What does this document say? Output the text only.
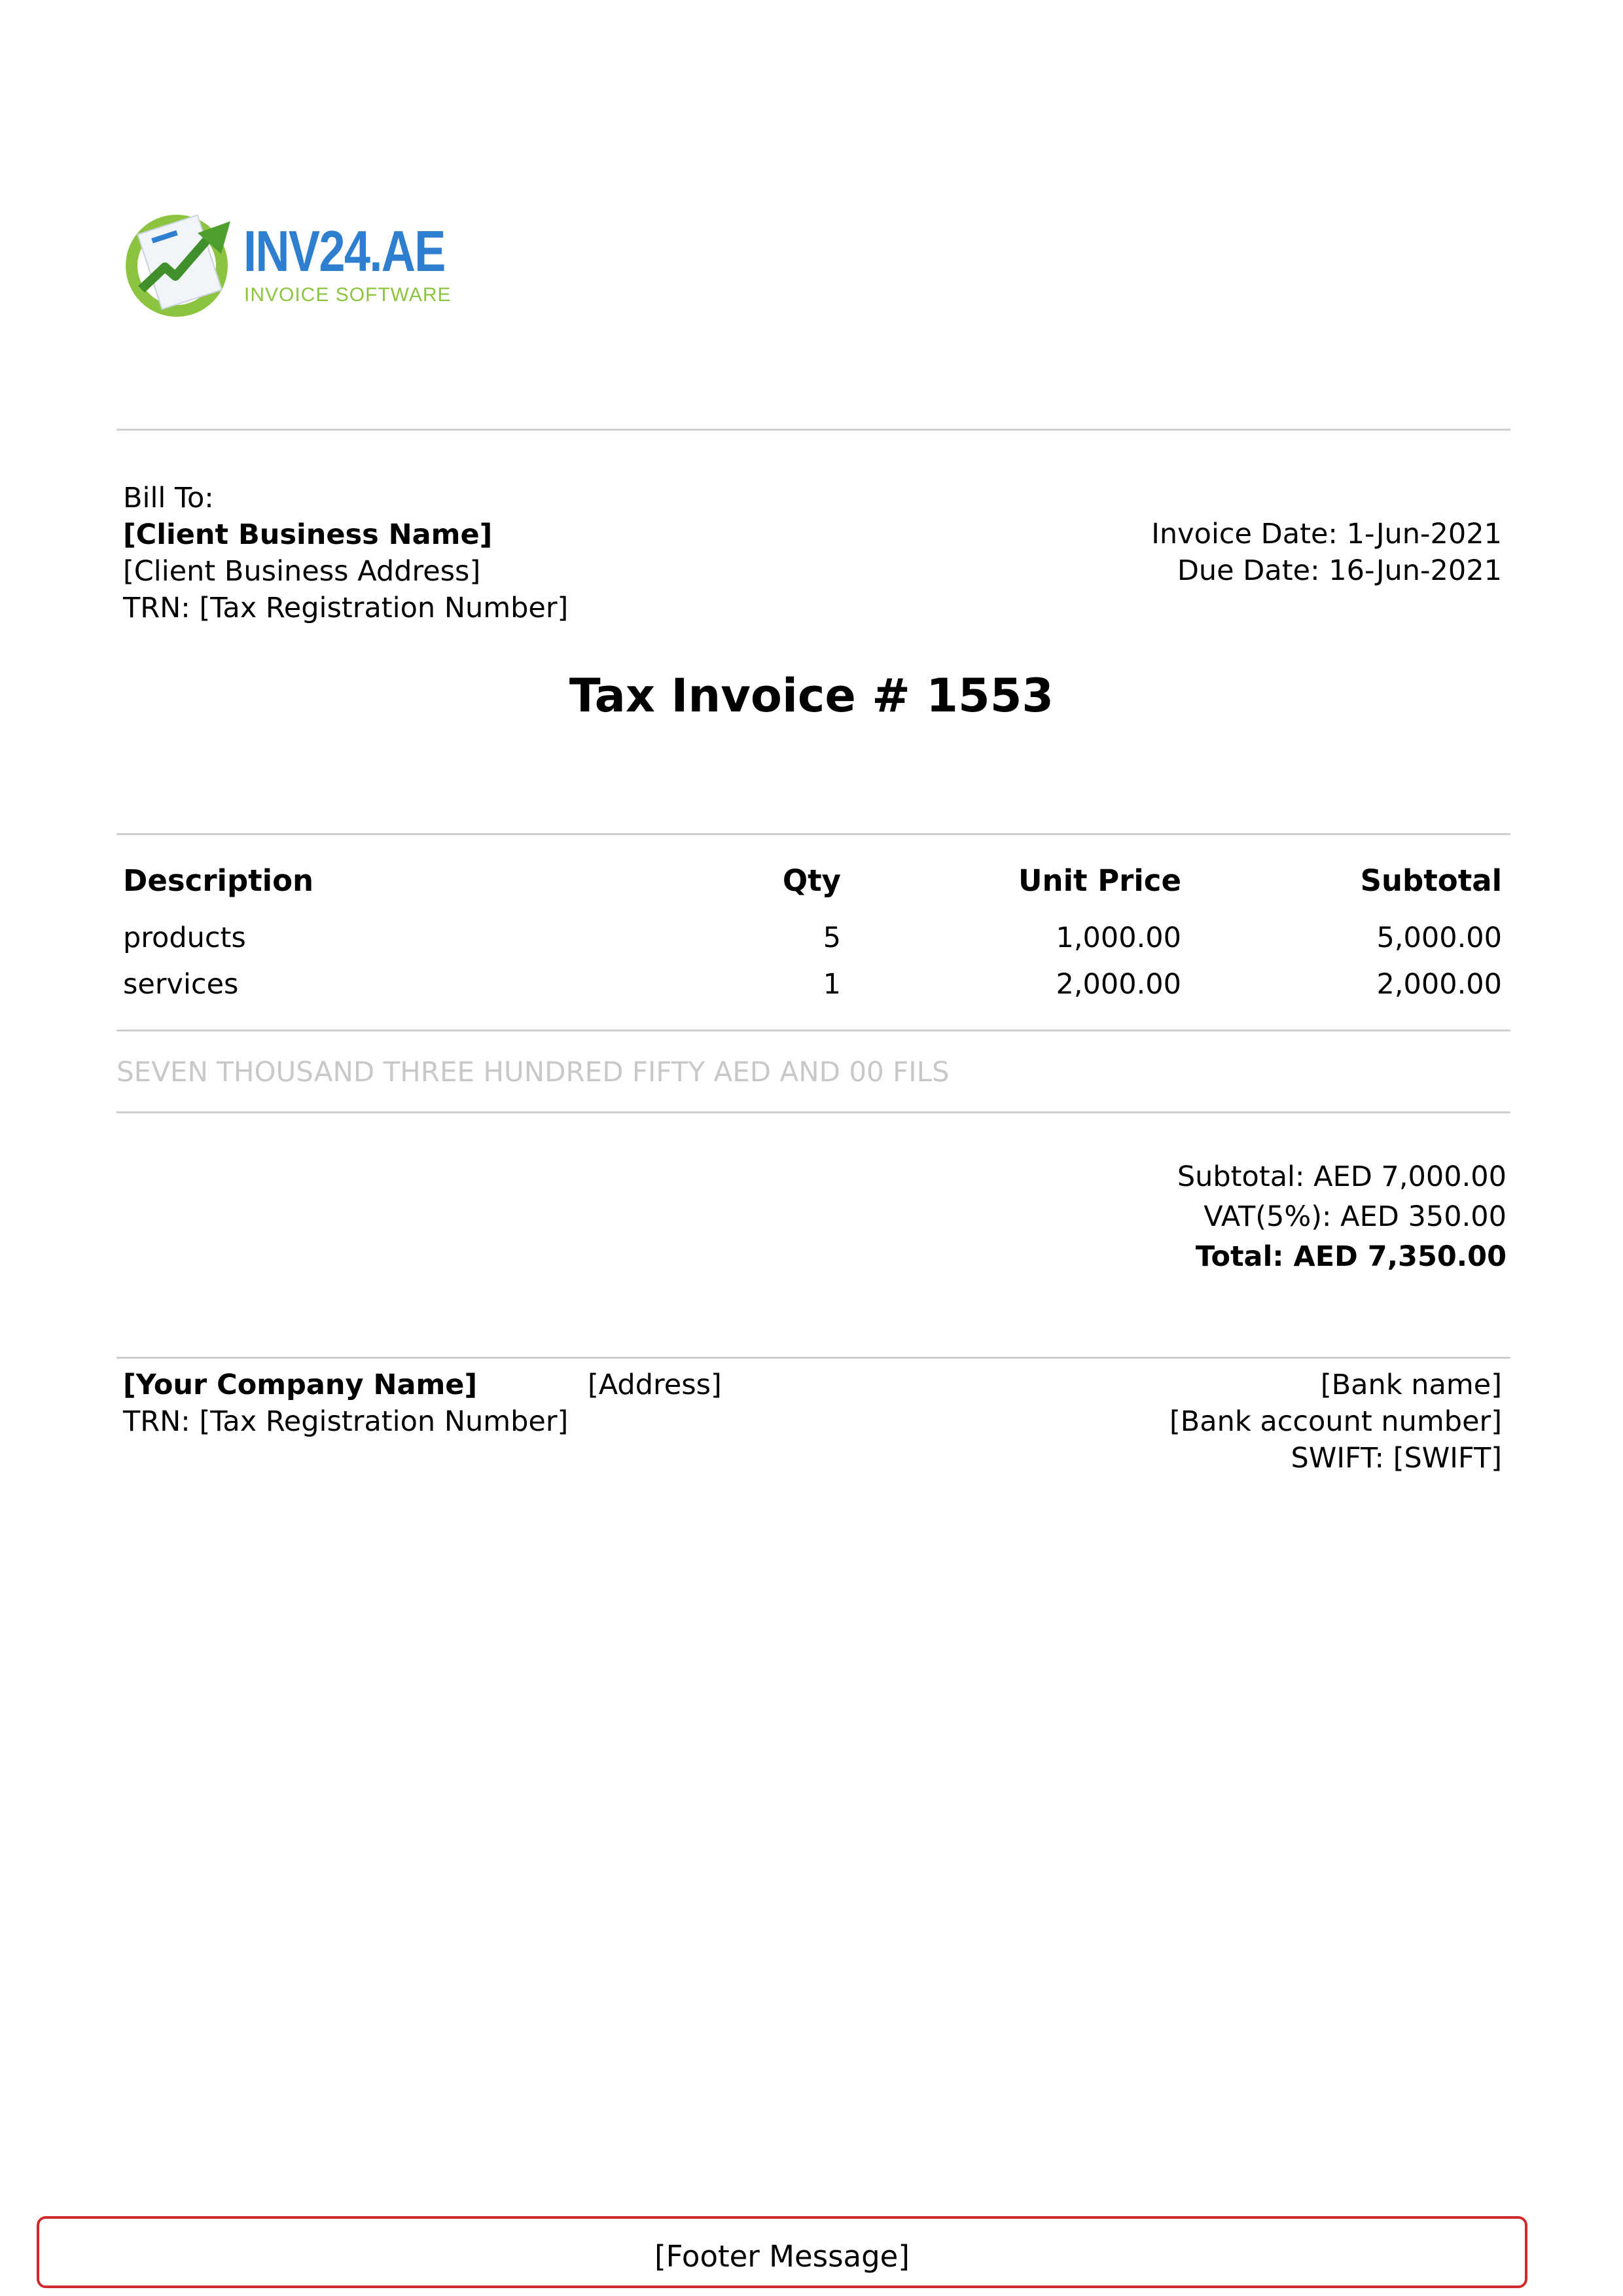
INV24.AE
INVOICE SOFTWARE
Bill To:
[Client Business Name]
[Client Business Address]
TRN: [Tax Registration Number]
Invoice Date: 1-Jun-2021
Due Date: 16-Jun-2021
Tax Invoice # 1553
Description	Qty	Unit Price	Subtotal
products	5	1,000.00	5,000.00
services	1	2,000.00	2,000.00
SEVEN THOUSAND THREE HUNDRED FIFTY AED AND 00 FILS
Subtotal: AED 7,000.00
VAT(5%): AED 350.00
Total: AED 7,350.00
[Your Company Name]
TRN: [Tax Registration Number]
[Address]	[Bank name]
[Bank account number]
SWIFT: [SWIFT]
[Footer Message]
